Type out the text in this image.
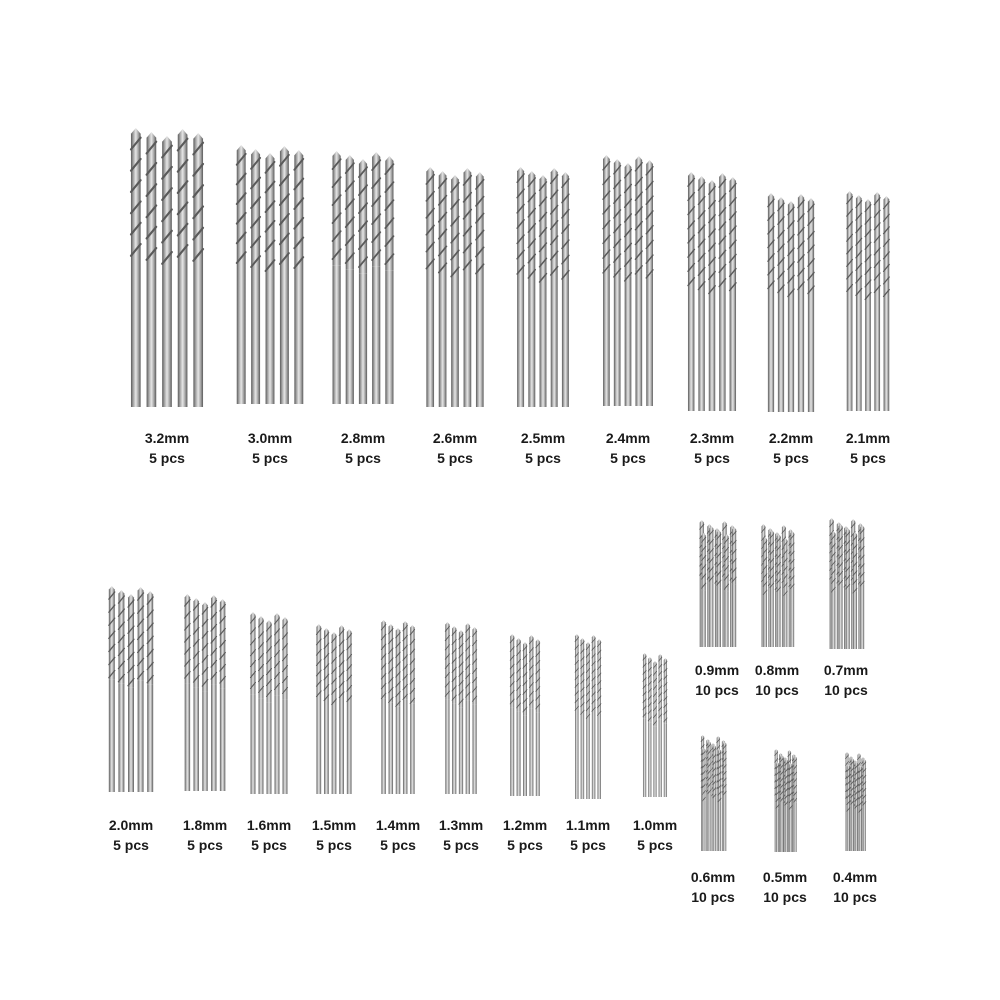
3.2mm
5 pcs
3.0mm
5 pcs
2.8mm
5 pcs
2.6mm
5 pcs
2.5mm
5 pcs
2.4mm
5 pcs
2.3mm
5 pcs
2.2mm
5 pcs
2.1mm
5 pcs
2.0mm
5 pcs
1.8mm
5 pcs
1.6mm
5 pcs
1.5mm
5 pcs
1.4mm
5 pcs
1.3mm
5 pcs
1.2mm
5 pcs
1.1mm
5 pcs
1.0mm
5 pcs
0.9mm
10 pcs
0.8mm
10 pcs
0.7mm
10 pcs
0.6mm
10 pcs
0.5mm
10 pcs
0.4mm
10 pcs
